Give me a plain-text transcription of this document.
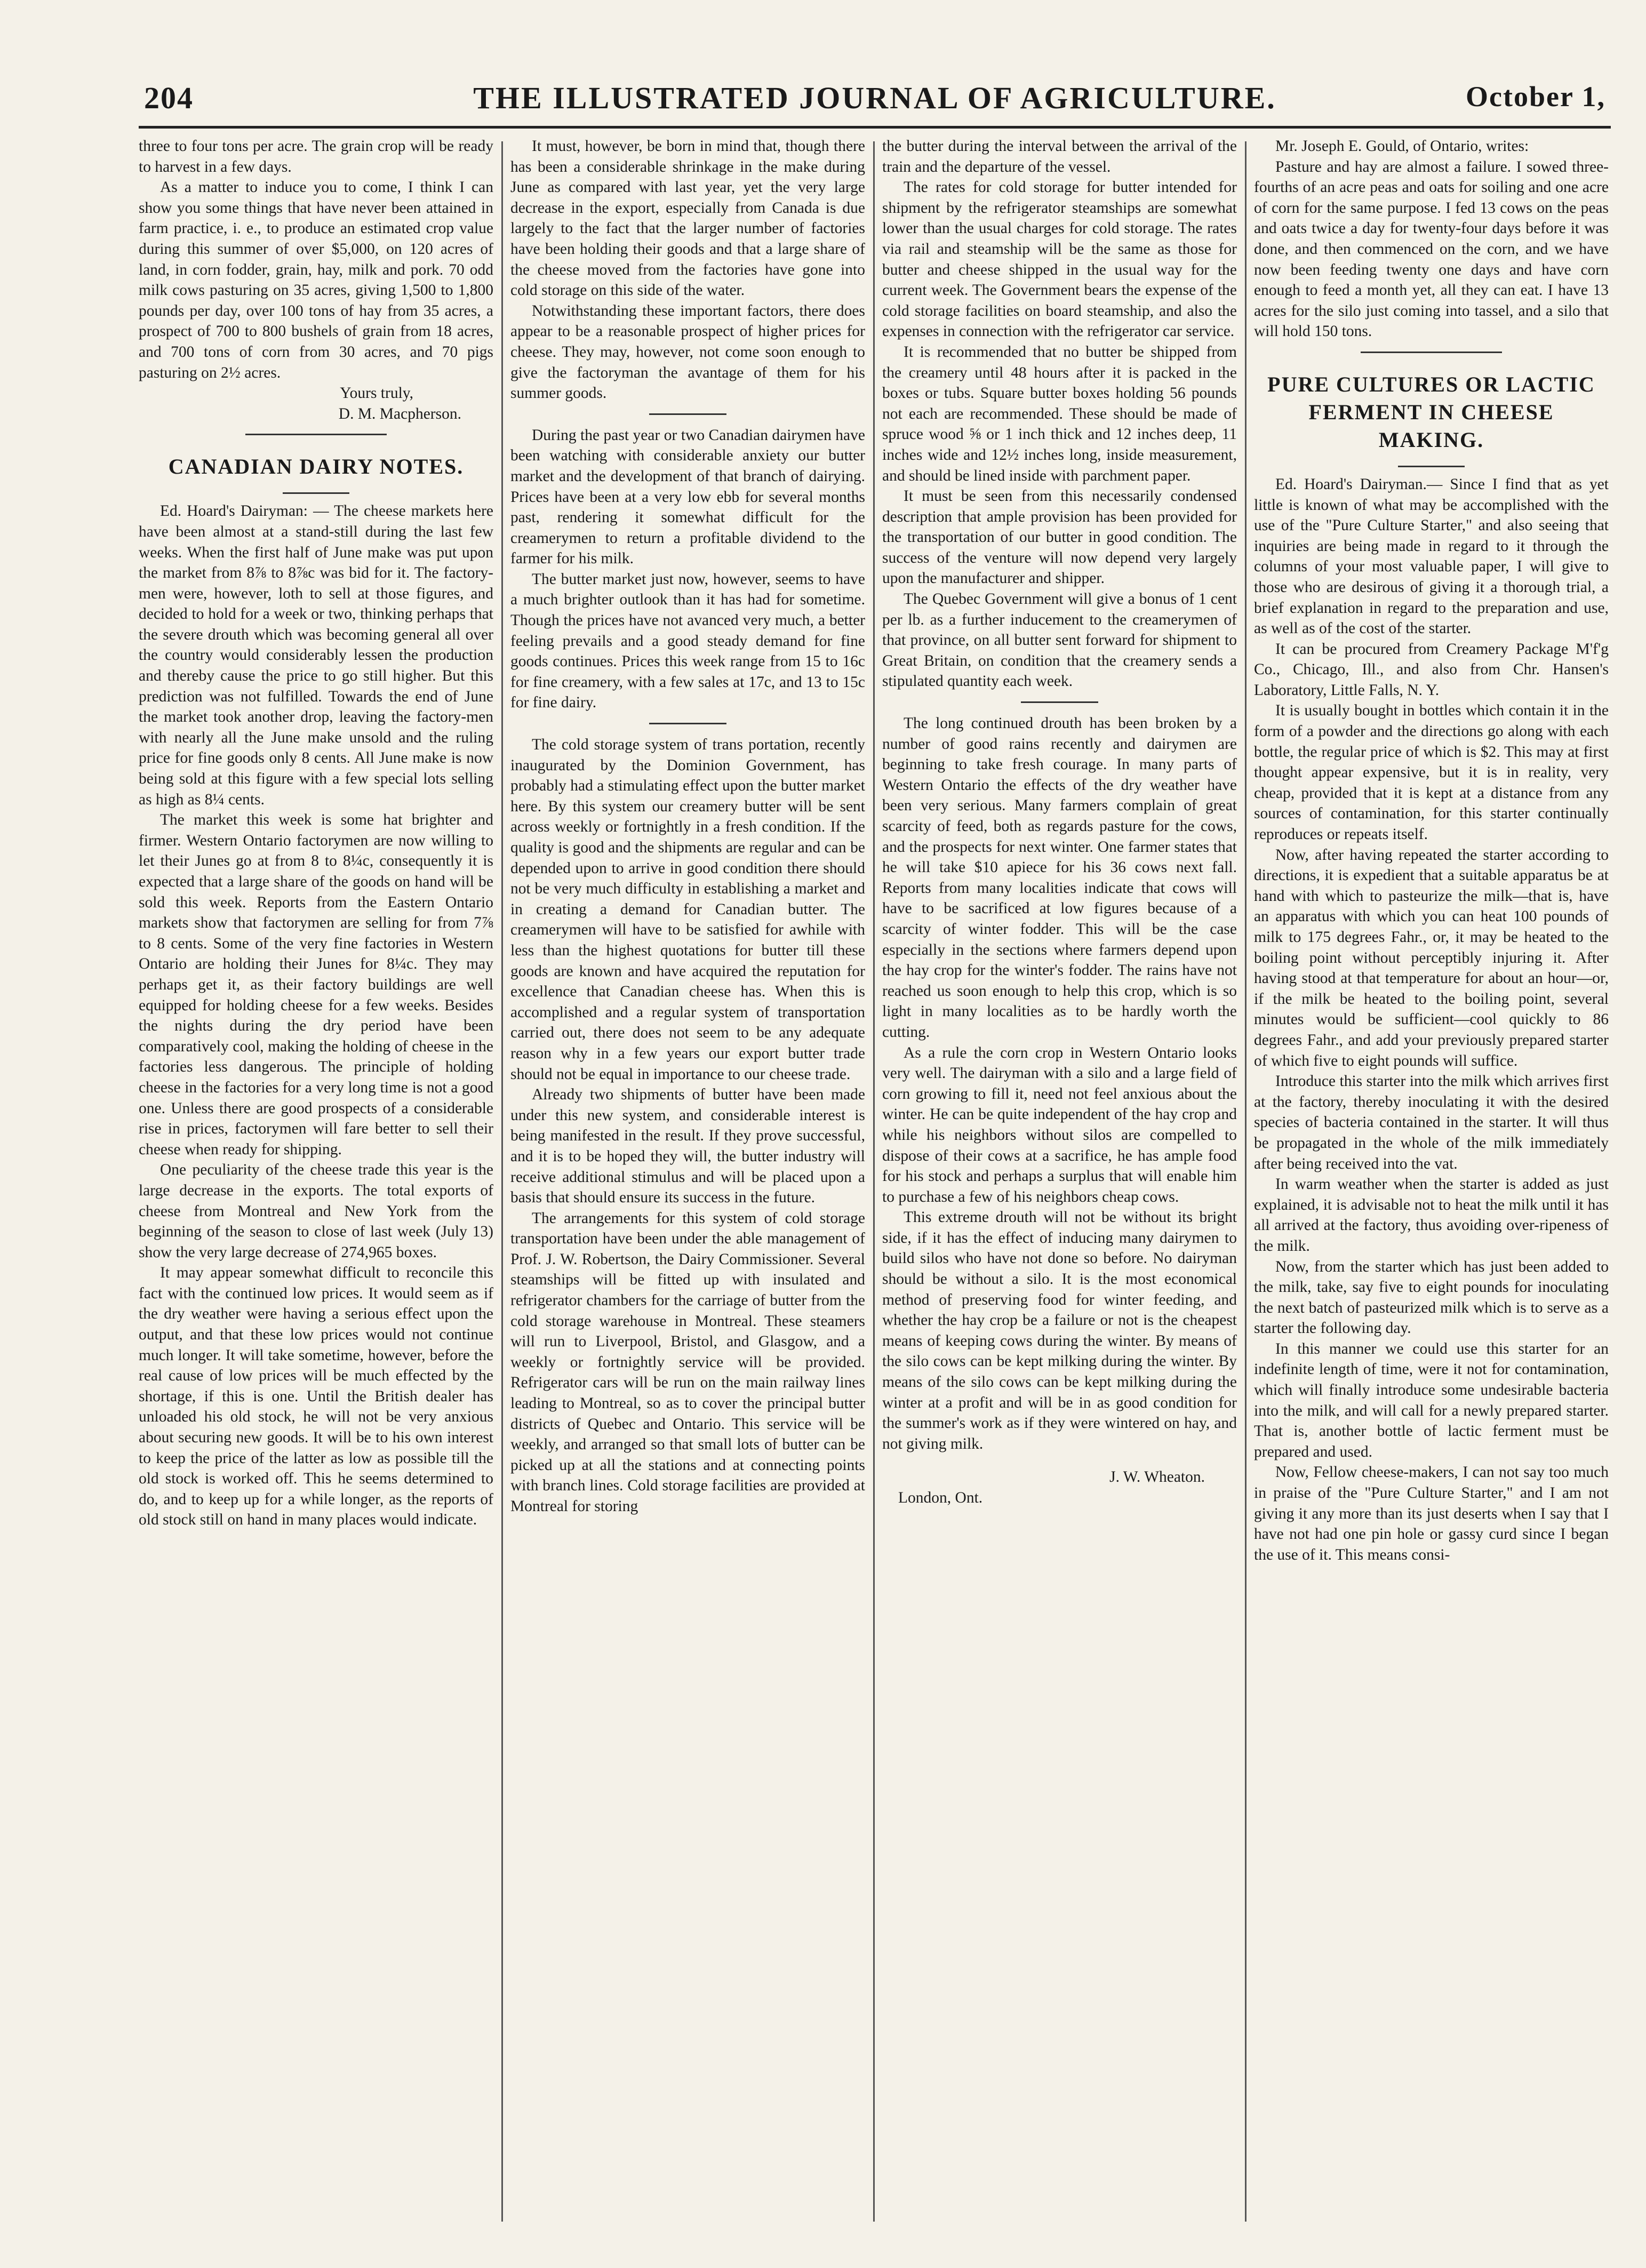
THE ILLUSTRATED JOURNAL OF AGRICULTURE.
204	October 1,

three to four tons per acre. The grain crop will be ready to harvest in a few days.

As a matter to induce you to come, I think I can show you some things that have never been attained in farm practice, i. e., to produce an estimated crop value during this summer of over $5,000, on 120 acres of land, in corn fodder, grain, hay, milk and pork. 70 odd milk cows pasturing on 35 acres, giving 1,500 to 1,800 pounds per day, over 100 tons of hay from 35 acres, a prospect of 700 to 800 bushels of grain from 18 acres, and 700 tons of corn from 30 acres, and 70 pigs pasturing on 2½ acres.

Yours truly,

D. M. Macpherson.

CANADIAN DAIRY NOTES.

Ed. Hoard's Dairyman: — The cheese markets here have been almost at a stand-still during the last few weeks. When the first half of June make was put upon the market from 8⅞ to 8⅞c was bid for it. The factory-men were, however, loth to sell at those figures, and decided to hold for a week or two, thinking perhaps that the severe drouth which was becoming general all over the country would considerably lessen the production and thereby cause the price to go still higher. But this prediction was not fulfilled. Towards the end of June the market took another drop, leaving the factory-men with nearly all the June make unsold and the ruling price for fine goods only 8 cents. All June make is now being sold at this figure with a few special lots selling as high as 8¼ cents.

The market this week is some hat brighter and firmer. Western Ontario factorymen are now willing to let their Junes go at from 8 to 8¼c, consequently it is expected that a large share of the goods on hand will be sold this week. Reports from the Eastern Ontario markets show that factorymen are selling for from 7⅞ to 8 cents. Some of the very fine factories in Western Ontario are holding their Junes for 8¼c. They may perhaps get it, as their factory buildings are well equipped for holding cheese for a few weeks. Besides the nights during the dry period have been comparatively cool, making the holding of cheese in the factories less dangerous. The principle of holding cheese in the factories for a very long time is not a good one. Unless there are good prospects of a considerable rise in prices, factorymen will fare better to sell their cheese when ready for shipping.

One peculiarity of the cheese trade this year is the large decrease in the exports. The total exports of cheese from Montreal and New York from the beginning of the season to close of last week (July 13) show the very large decrease of 274,965 boxes.

It may appear somewhat difficult to reconcile this fact with the continued low prices. It would seem as if the dry weather were having a serious effect upon the output, and that these low prices would not continue much longer. It will take sometime, however, before the real cause of low prices will be much effected by the shortage, if this is one. Until the British dealer has unloaded his old stock, he will not be very anxious about securing new goods. It will be to his own interest to keep the price of the latter as low as possible till the old stock is worked off. This he seems determined to do, and to keep up for a while longer, as the reports of old stock still on hand in many places would indicate.

It must, however, be born in mind that, though there has been a considerable shrinkage in the make during June as compared with last year, yet the very large decrease in the export, especially from Canada is due largely to the fact that the larger number of factories have been holding their goods and that a large share of the cheese moved from the factories have gone into cold storage on this side of the water.

Notwithstanding these important factors, there does appear to be a reasonable prospect of higher prices for cheese. They may, however, not come soon enough to give the factoryman the avantage of them for his summer goods.

During the past year or two Canadian dairymen have been watching with considerable anxiety our butter market and the development of that branch of dairying. Prices have been at a very low ebb for several months past, rendering it somewhat difficult for the creamerymen to return a profitable dividend to the farmer for his milk.

The butter market just now, however, seems to have a much brighter outlook than it has had for sometime. Though the prices have not avanced very much, a better feeling prevails and a good steady demand for fine goods continues. Prices this week range from 15 to 16c for fine creamery, with a few sales at 17c, and 13 to 15c for fine dairy.

The cold storage system of trans portation, recently inaugurated by the Dominion Government, has probably had a stimulating effect upon the butter market here. By this system our creamery butter will be sent across weekly or fortnightly in a fresh condition. If the quality is good and the shipments are regular and can be depended upon to arrive in good condition there should not be very much difficulty in establishing a market and in creating a demand for Canadian butter. The creamerymen will have to be satisfied for awhile with less than the highest quotations for butter till these goods are known and have acquired the reputation for excellence that Canadian cheese has. When this is accomplished and a regular system of transportation carried out, there does not seem to be any adequate reason why in a few years our export butter trade should not be equal in importance to our cheese trade.

Already two shipments of butter have been made under this new system, and considerable interest is being manifested in the result. If they prove successful, and it is to be hoped they will, the butter industry will receive additional stimulus and will be placed upon a basis that should ensure its success in the future.

The arrangements for this system of cold storage transportation have been under the able management of Prof. J. W. Robertson, the Dairy Commissioner. Several steamships will be fitted up with insulated and refrigerator chambers for the carriage of butter from the cold storage warehouse in Montreal. These steamers will run to Liverpool, Bristol, and Glasgow, and a weekly or fortnightly service will be provided. Refrigerator cars will be run on the main railway lines leading to Montreal, so as to cover the principal butter districts of Quebec and Ontario. This service will be weekly, and arranged so that small lots of butter can be picked up at all the stations and at connecting points with branch lines. Cold storage facilities are provided at Montreal for storing

the butter during the interval between the arrival of the train and the departure of the vessel.

The rates for cold storage for butter intended for shipment by the refrigerator steamships are somewhat lower than the usual charges for cold storage. The rates via rail and steamship will be the same as those for butter and cheese shipped in the usual way for the current week. The Government bears the expense of the cold storage facilities on board steamship, and also the expenses in connection with the refrigerator car service.

It is recommended that no butter be shipped from the creamery until 48 hours after it is packed in the boxes or tubs. Square butter boxes holding 56 pounds not each are recommended. These should be made of spruce wood ⅝ or 1 inch thick and 12 inches deep, 11 inches wide and 12½ inches long, inside measurement, and should be lined inside with parchment paper.

It must be seen from this necessarily condensed description that ample provision has been provided for the transportation of our butter in good condition. The success of the venture will now depend very largely upon the manufacturer and shipper.

The Quebec Government will give a bonus of 1 cent per lb. as a further inducement to the creamerymen of that province, on all butter sent forward for shipment to Great Britain, on condition that the creamery sends a stipulated quantity each week.

The long continued drouth has been broken by a number of good rains recently and dairymen are beginning to take fresh courage. In many parts of Western Ontario the effects of the dry weather have been very serious. Many farmers complain of great scarcity of feed, both as regards pasture for the cows, and the prospects for next winter. One farmer states that he will take $10 apiece for his 36 cows next fall. Reports from many localities indicate that cows will have to be sacrificed at low figures because of a scarcity of winter fodder. This will be the case especially in the sections where farmers depend upon the hay crop for the winter's fodder. The rains have not reached us soon enough to help this crop, which is so light in many localities as to be hardly worth the cutting.

As a rule the corn crop in Western Ontario looks very well. The dairyman with a silo and a large field of corn growing to fill it, need not feel anxious about the winter. He can be quite independent of the hay crop and while his neighbors without silos are compelled to dispose of their cows at a sacrifice, he has ample food for his stock and perhaps a surplus that will enable him to purchase a few of his neighbors cheap cows.

This extreme drouth will not be without its bright side, if it has the effect of inducing many dairymen to build silos who have not done so before. No dairyman should be without a silo. It is the most economical method of preserving food for winter feeding, and whether the hay crop be a failure or not is the cheapest means of keeping cows during the winter. By means of the silo cows can be kept milking during the winter. By means of the silo cows can be kept milking during the winter at a profit and will be in as good condition for the summer's work as if they were wintered on hay, and not giving milk.

J. W. Wheaton.

London, Ont.

Mr. Joseph E. Gould, of Ontario, writes:

Pasture and hay are almost a failure. I sowed three-fourths of an acre peas and oats for soiling and one acre of corn for the same purpose. I fed 13 cows on the peas and oats twice a day for twenty-four days before it was done, and then commenced on the corn, and we have now been feeding twenty one days and have corn enough to feed a month yet, all they can eat. I have 13 acres for the silo just coming into tassel, and a silo that will hold 150 tons.

PURE CULTURES OR LACTIC FERMENT IN CHEESE MAKING.

Ed. Hoard's Dairyman.— Since I find that as yet little is known of what may be accomplished with the use of the "Pure Culture Starter," and also seeing that inquiries are being made in regard to it through the columns of your most valuable paper, I will give to those who are desirous of giving it a thorough trial, a brief explanation in regard to the preparation and use, as well as of the cost of the starter.

It can be procured from Creamery Package M'f'g Co., Chicago, Ill., and also from Chr. Hansen's Laboratory, Little Falls, N. Y.

It is usually bought in bottles which contain it in the form of a powder and the directions go along with each bottle, the regular price of which is $2. This may at first thought appear expensive, but it is in reality, very cheap, provided that it is kept at a distance from any sources of contamination, for this starter continually reproduces or repeats itself.

Now, after having repeated the starter according to directions, it is expedient that a suitable apparatus be at hand with which to pasteurize the milk—that is, have an apparatus with which you can heat 100 pounds of milk to 175 degrees Fahr., or, it may be heated to the boiling point without perceptibly injuring it. After having stood at that temperature for about an hour—or, if the milk be heated to the boiling point, several minutes would be sufficient—cool quickly to 86 degrees Fahr., and add your previously prepared starter of which five to eight pounds will suffice.

Introduce this starter into the milk which arrives first at the factory, thereby inoculating it with the desired species of bacteria contained in the starter. It will thus be propagated in the whole of the milk immediately after being received into the vat.

In warm weather when the starter is added as just explained, it is advisable not to heat the milk until it has all arrived at the factory, thus avoiding over-ripeness of the milk.

Now, from the starter which has just been added to the milk, take, say five to eight pounds for inoculating the next batch of pasteurized milk which is to serve as a starter the following day.

In this manner we could use this starter for an indefinite length of time, were it not for contamination, which will finally introduce some undesirable bacteria into the milk, and will call for a newly prepared starter. That is, another bottle of lactic ferment must be prepared and used.

Now, Fellow cheese-makers, I can not say too much in praise of the "Pure Culture Starter," and I am not giving it any more than its just deserts when I say that I have not had one pin hole or gassy curd since I began the use of it. This means consi-
